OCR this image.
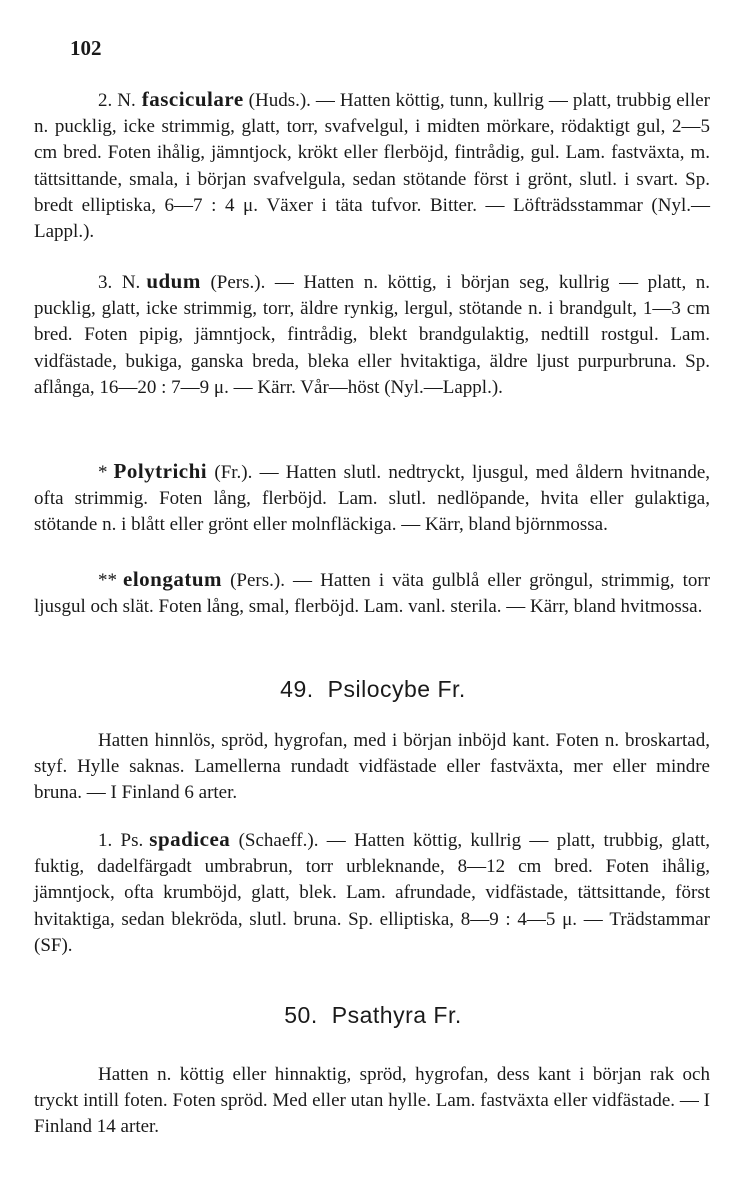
102

2. N. fasciculare (Huds.). — Hatten köttig, tunn, kullrig — platt, trubbig eller n. pucklig, icke strimmig, glatt, torr, svafvelgul, i midten mörkare, rödaktigt gul, 2—5 cm bred. Foten ihålig, jämntjock, krökt eller flerböjd, fintrådig, gul. Lam. fastväxta, m. tättsittande, smala, i början svafvelgula, sedan stötande först i grönt, slutl. i svart. Sp. bredt elliptiska, 6—7 : 4 μ. Växer i täta tufvor. Bitter. — Löfträdsstammar (Nyl.—Lappl.).

3. N. udum (Pers.). — Hatten n. köttig, i början seg, kullrig — platt, n. pucklig, glatt, icke strimmig, torr, äldre rynkig, lergul, stötande n. i brandgult, 1—3 cm bred. Foten pipig, jämntjock, fintrådig, blekt brandgulaktig, nedtill rostgul. Lam. vidfästade, bukiga, ganska breda, bleka eller hvitaktiga, äldre ljust purpurbruna. Sp. aflånga, 16—20 : 7—9 μ. — Kärr. Vår—höst (Nyl.—Lappl.).

* Polytrichi (Fr.). — Hatten slutl. nedtryckt, ljusgul, med åldern hvitnande, ofta strimmig. Foten lång, flerböjd. Lam. slutl. nedlöpande, hvita eller gulaktiga, stötande n. i blått eller grönt eller molnfläckiga. — Kärr, bland björnmossa.

** elongatum (Pers.). — Hatten i väta gulblå eller gröngul, strimmig, torr ljusgul och slät. Foten lång, smal, flerböjd. Lam. vanl. sterila. — Kärr, bland hvitmossa.

49. Psilocybe Fr.

Hatten hinnlös, spröd, hygrofan, med i början inböjd kant. Foten n. broskartad, styf. Hylle saknas. Lamellerna rundadt vidfästade eller fastväxta, mer eller mindre bruna. — I Finland 6 arter.

1. Ps. spadicea (Schaeff.). — Hatten köttig, kullrig — platt, trubbig, glatt, fuktig, dadelfärgadt umbrabrun, torr urbleknande, 8—12 cm bred. Foten ihålig, jämntjock, ofta krumböjd, glatt, blek. Lam. afrundade, vidfästade, tättsittande, först hvitaktiga, sedan blekröda, slutl. bruna. Sp. elliptiska, 8—9 : 4—5 μ. — Trädstammar (SF).

50. Psathyra Fr.

Hatten n. köttig eller hinnaktig, spröd, hygrofan, dess kant i början rak och tryckt intill foten. Foten spröd. Med eller utan hylle. Lam. fastväxta eller vidfästade. — I Finland 14 arter.
